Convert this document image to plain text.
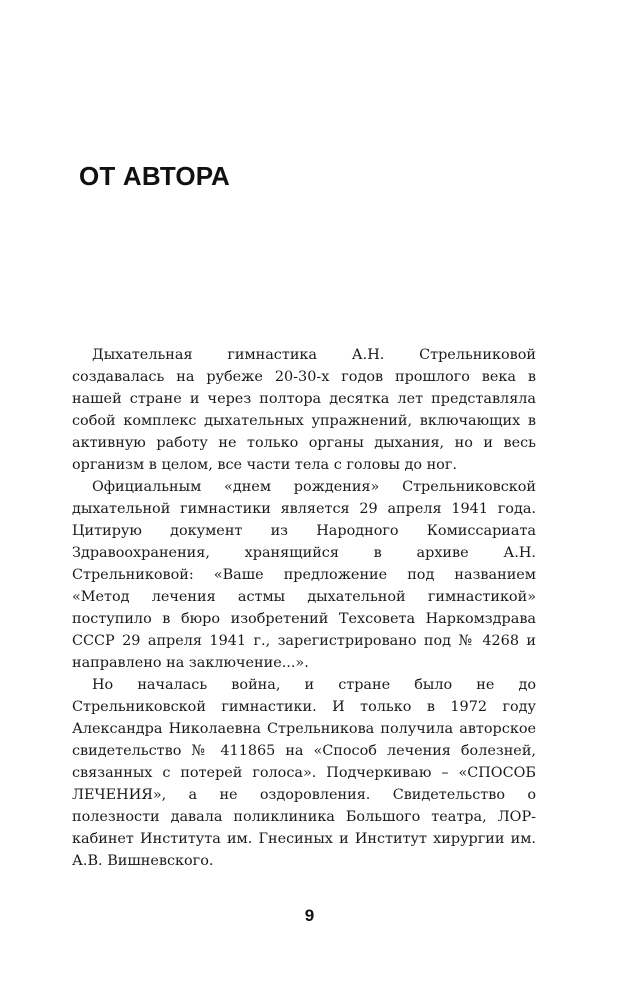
ОТ АВТОРА

Дыхательная гимнастика А.Н. Стрельниковой создавалась на рубеже 20-30-х годов прошлого века в нашей стране и через полтора десятка лет представляла собой комплекс дыхательных упражнений, включающих в активную работу не только органы дыхания, но и весь организм в целом, все части тела с головы до ног.

Официальным «днем рождения» Стрельниковской дыхательной гимнастики является 29 апреля 1941 года. Цитирую документ из Народного Комиссариата Здравоохранения, хранящийся в архиве А.Н. Стрельниковой: «Ваше предложение под названием «Метод лечения астмы дыхательной гимнастикой» поступило в бюро изобретений Техсовета Наркомздрава СССР 29 апреля 1941 г., зарегистрировано под № 4268 и направлено на заключение...».

Но началась война, и стране было не до Стрельниковской гимнастики. И только в 1972 году Александра Николаевна Стрельникова получила авторское свидетельство № 411865 на «Способ лечения болезней, связанных с потерей голоса». Подчеркиваю – «СПОСОБ ЛЕЧЕНИЯ», а не оздоровления. Свидетельство о полезности давала поликлиника Большого театра, ЛОР-кабинет Института им. Гнесиных и Институт хирургии им. А.В. Вишневского.

9
